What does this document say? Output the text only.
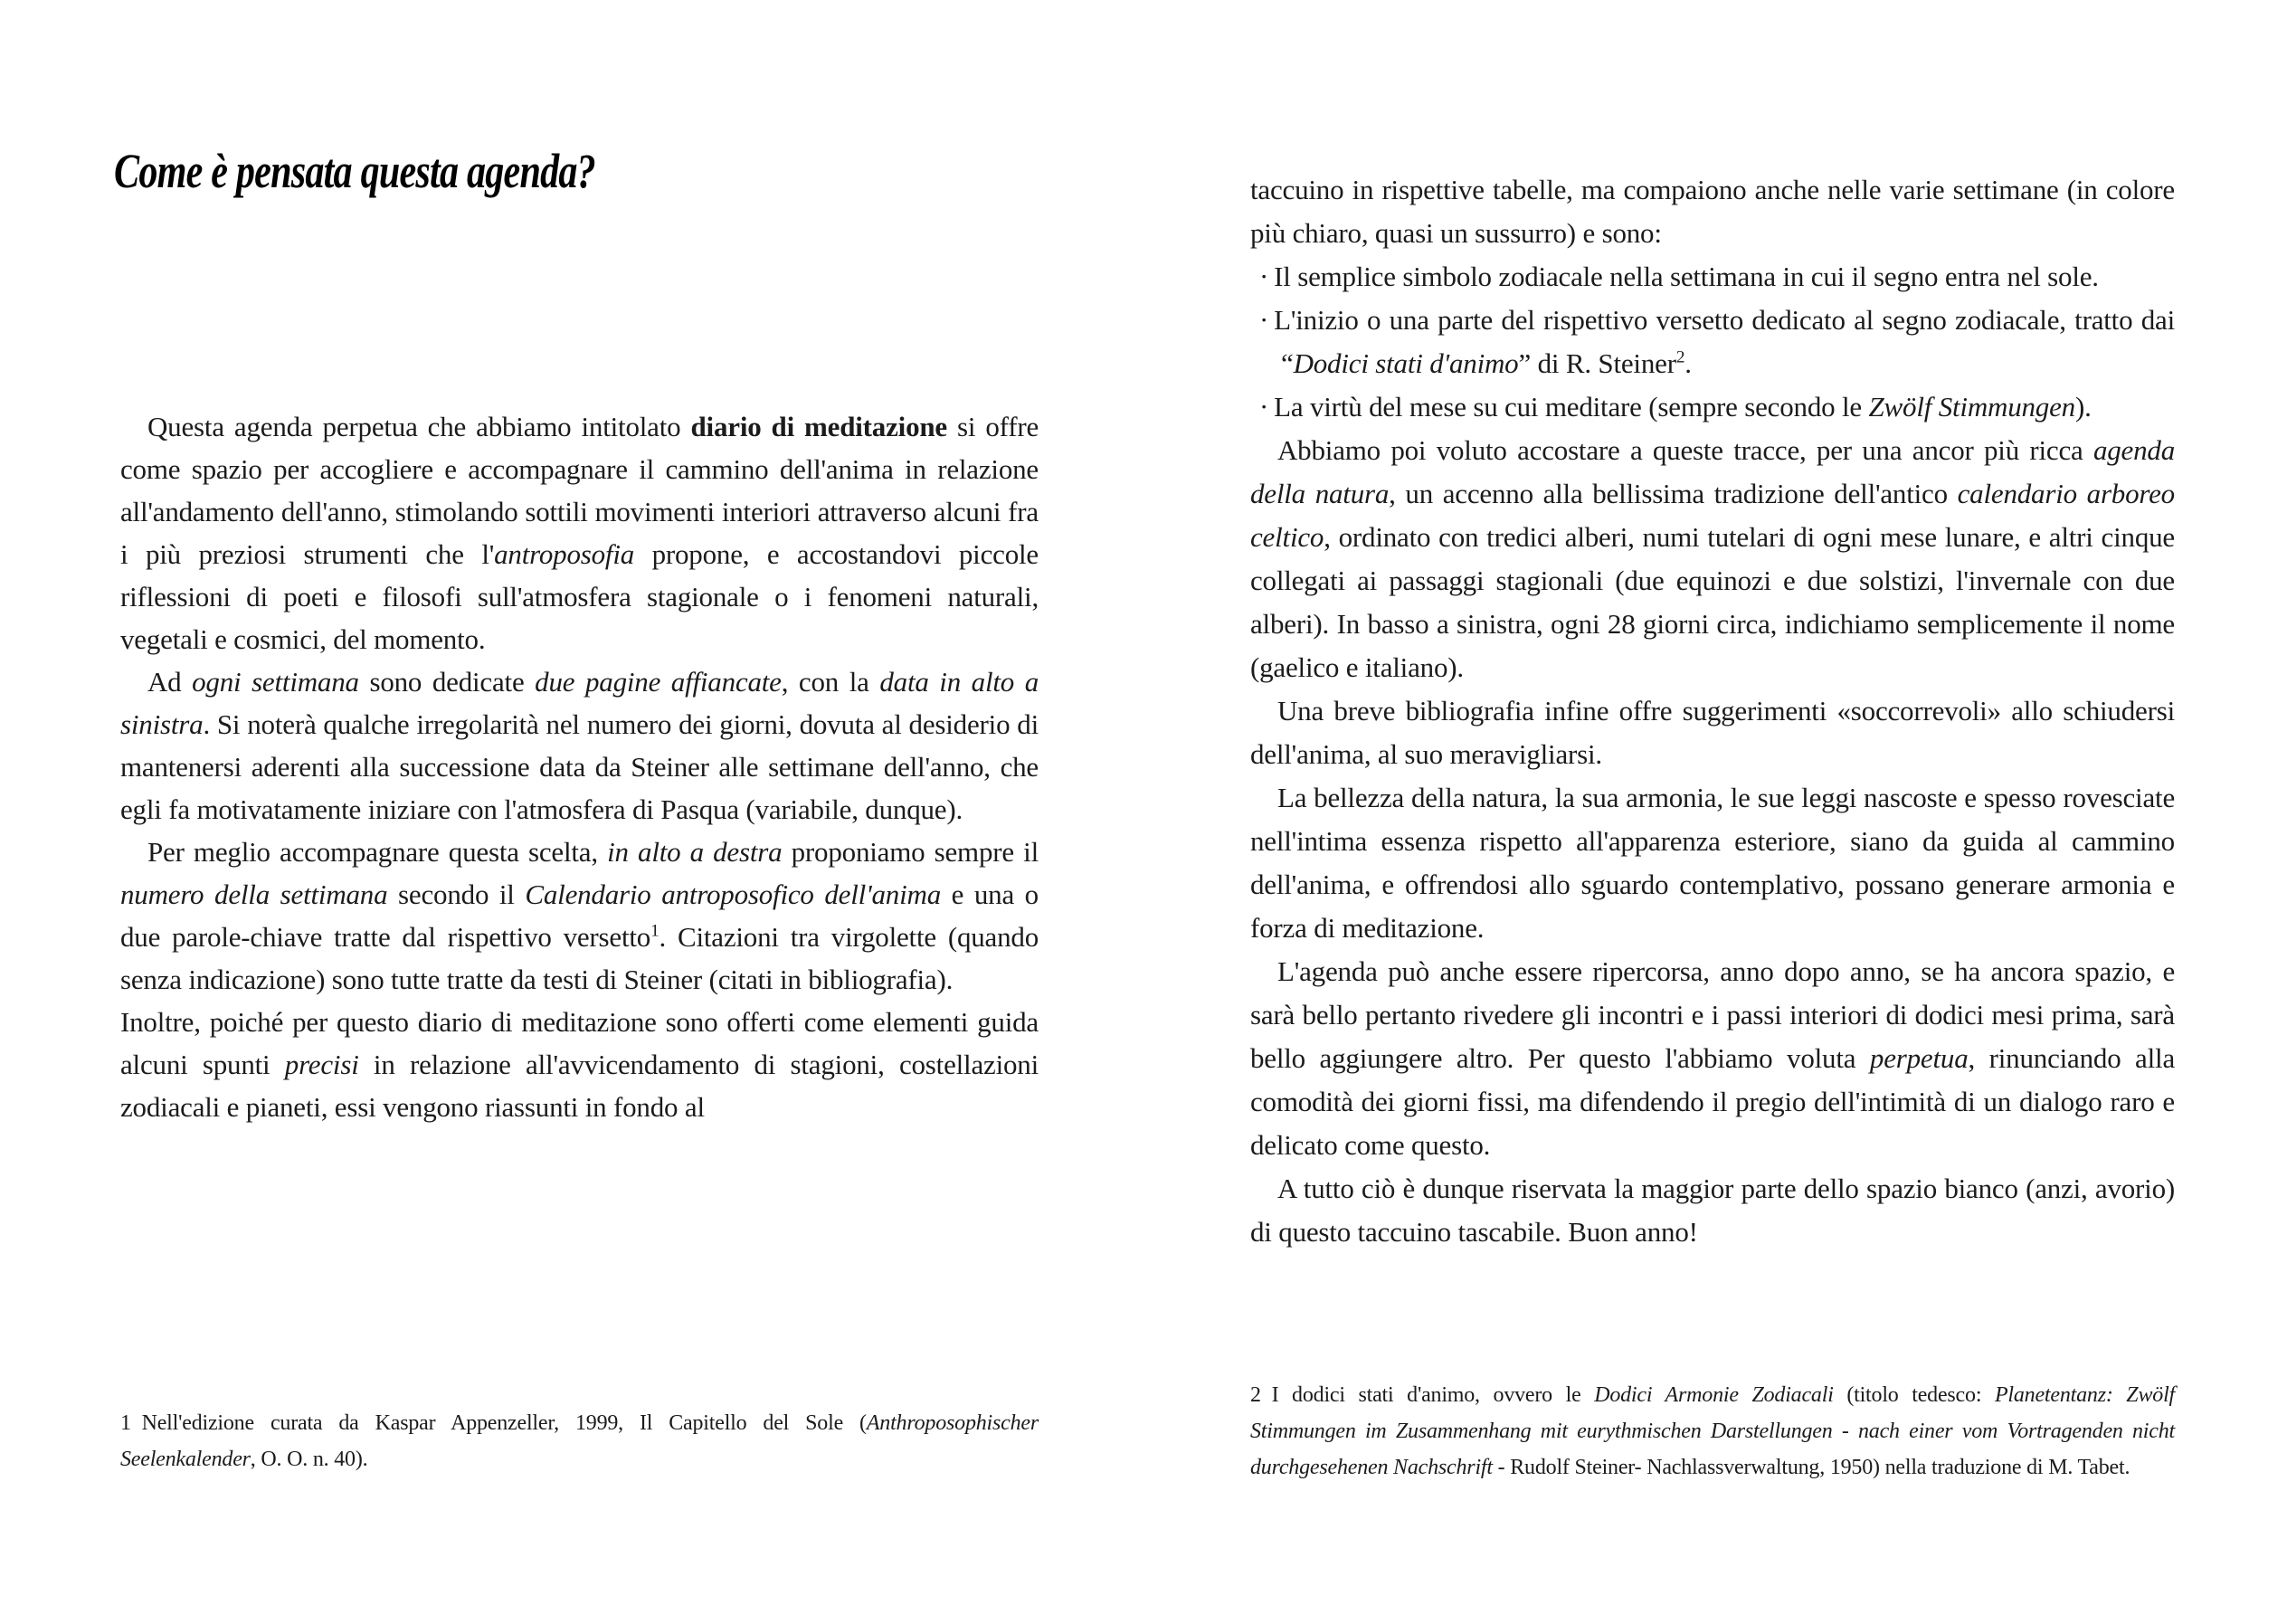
Come è pensata questa agenda?

Questa agenda perpetua che abbiamo intitolato diario di meditazione si offre come spazio per accogliere e accompagnare il cammino dell'anima in relazione all'andamento dell'anno, stimolando sottili movimenti interiori attraverso alcuni fra i più preziosi strumenti che l'antroposofia propone, e accostandovi piccole riflessioni di poeti e filosofi sull'atmosfera stagionale o i fenomeni naturali, vegetali e cosmici, del momento.

Ad ogni settimana sono dedicate due pagine affiancate, con la data in alto a sinistra. Si noterà qualche irregolarità nel numero dei giorni, dovuta al desiderio di mantenersi aderenti alla successione data da Steiner alle settimane dell'anno, che egli fa motivatamente iniziare con l'atmosfera di Pasqua (variabile, dunque).

Per meglio accompagnare questa scelta, in alto a destra proponiamo sempre il numero della settimana secondo il Calendario antroposofico dell'anima e una o due parole-chiave tratte dal rispettivo versetto$^1$. Citazioni tra virgolette (quando senza indicazione) sono tutte tratte da testi di Steiner (citati in bibliografia).

Inoltre, poiché per questo diario di meditazione sono offerti come elementi guida alcuni spunti precisi in relazione all'avvicendamento di stagioni, costellazioni zodiacali e pianeti, essi vengono riassunti in fondo al

1 Nell'edizione curata da Kaspar Appenzeller, 1999, Il Capitello del Sole (Anthroposophischer Seelenkalender, O. O. n. 40).

taccuino in rispettive tabelle, ma compaiono anche nelle varie settimane (in colore più chiaro, quasi un sussurro) e sono:

· Il semplice simbolo zodiacale nella settimana in cui il segno entra nel sole.

· L'inizio o una parte del rispettivo versetto dedicato al segno zodiacale, tratto dai “Dodici stati d'animo” di R. Steiner$^2$.

· La virtù del mese su cui meditare (sempre secondo le Zwölf Stimmungen).

Abbiamo poi voluto accostare a queste tracce, per una ancor più ricca agenda della natura, un accenno alla bellissima tradizione dell'antico calendario arboreo celtico, ordinato con tredici alberi, numi tutelari di ogni mese lunare, e altri cinque collegati ai passaggi stagionali (due equinozi e due solstizi, l'invernale con due alberi). In basso a sinistra, ogni 28 giorni circa, indichiamo semplicemente il nome (gaelico e italiano).

Una breve bibliografia infine offre suggerimenti «soccorrevoli» allo schiudersi dell'anima, al suo meravigliarsi.

La bellezza della natura, la sua armonia, le sue leggi nascoste e spesso rovesciate nell'intima essenza rispetto all'apparenza esteriore, siano da guida al cammino dell'anima, e offrendosi allo sguardo contemplativo, possano generare armonia e forza di meditazione.

L'agenda può anche essere ripercorsa, anno dopo anno, se ha ancora spazio, e sarà bello pertanto rivedere gli incontri e i passi interiori di dodici mesi prima, sarà bello aggiungere altro. Per questo l'abbiamo voluta perpetua, rinunciando alla comodità dei giorni fissi, ma difendendo il pregio dell'intimità di un dialogo raro e delicato come questo.

A tutto ciò è dunque riservata la maggior parte dello spazio bianco (anzi, avorio) di questo taccuino tascabile. Buon anno!

2 I dodici stati d'animo, ovvero le Dodici Armonie Zodiacali (titolo tedesco: Planetentanz: Zwölf Stimmungen im Zusammenhang mit eurythmischen Darstellungen - nach einer vom Vortragenden nicht durchgesehenen Nachschrift - Rudolf Steiner- Nachlassverwaltung, 1950) nella traduzione di M. Tabet.
